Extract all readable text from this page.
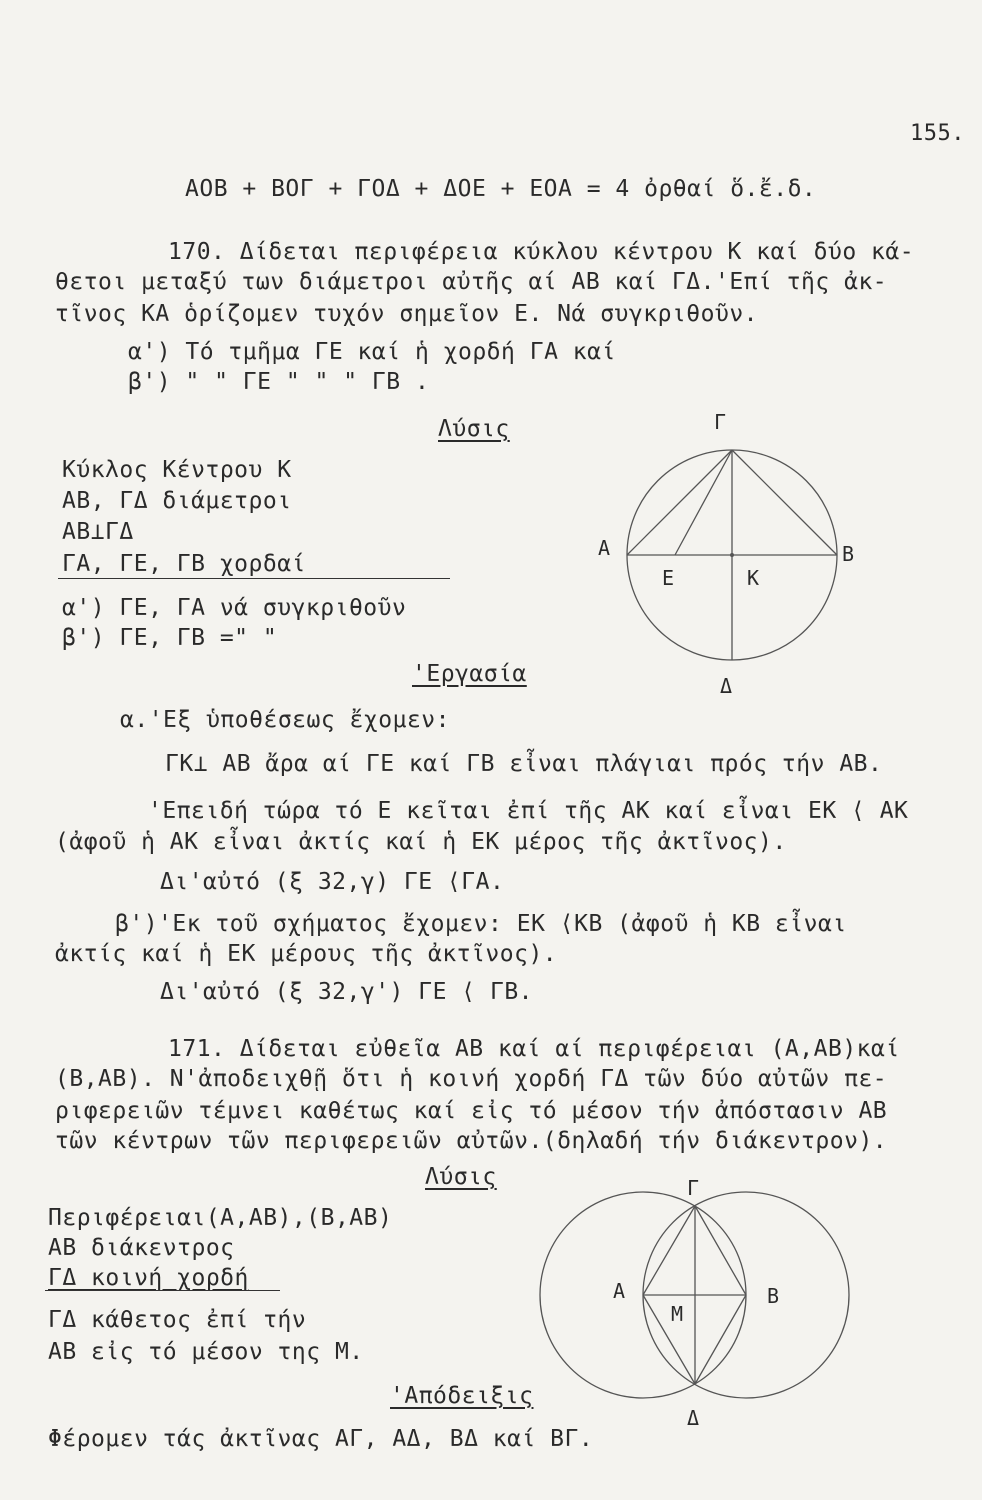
155.
AOB + BOΓ + ΓΟΔ + ΔΟΕ + ΕΟΑ = 4 ὀρθαί ὅ.ἔ.δ.
170. Δίδεται περιφέρεια κύκλου κέντρου Κ καί δύο κά-
θετοι μεταξύ των διάμετροι αὐτῆς αί ΑΒ καί ΓΔ.'Επί τῆς ἀκ-
τῖνος ΚΑ ὁρίζομεν τυχόν σημεῖον Ε. Νά συγκριθοῦν.
α') Τό τμῆμα ΓΕ καί ἡ χορδή ΓΑ καί
β') " " ΓΕ " " " ΓΒ .
Λύσις
Κύκλος Κέντρου Κ
ΑΒ, ΓΔ διάμετροι
ΑΒ⊥ΓΔ
ΓΑ, ΓΕ, ΓΒ χορδαί
α') ΓΕ, ΓΑ νά συγκριθοῦν
β') ΓΕ, ΓΒ =" "
'Εργασία
α.'Εξ ὑποθέσεως ἔχομεν:
ΓΚ⊥ ΑΒ ἄρα αί ΓΕ καί ΓΒ εἶναι πλάγιαι πρός τήν ΑΒ.
'Επειδή τώρα τό Ε κεῖται ἐπί τῆς ΑΚ καί εἶναι ΕΚ ⟨ ΑΚ
(ἀφοῦ ἡ ΑΚ εἶναι ἀκτίς καί ἡ ΕΚ μέρος τῆς ἀκτῖνος).
Δι'αὐτό (ξ 32,γ) ΓΕ ⟨ΓΑ.
β')'Εκ τοῦ σχήματος ἔχομεν: ΕΚ ⟨ΚΒ (ἀφοῦ ἡ ΚΒ εἶναι
ἀκτίς καί ἡ ΕΚ μέρους τῆς ἀκτῖνος).
Δι'αὐτό (ξ 32,γ') ΓΕ ⟨ ΓΒ.
Γ
Α	Β
Δ
Ε	Κ
171. Δίδεται εὐθεῖα ΑΒ καί αί περιφέρειαι (Α,ΑΒ)καί
(Β,ΑΒ). Ν'ἀποδειχθῇ ὅτι ἡ κοινή χορδή ΓΔ τῶν δύο αὐτῶν πε-
ριφερειῶν τέμνει καθέτως καί εἰς τό μέσον τήν ἀπόστασιν ΑΒ
τῶν κέντρων τῶν περιφερειῶν αὐτῶν.(δηλαδή τήν διάκεντρον).
Λύσις
Περιφέρειαι(Α,ΑΒ),(Β,ΑΒ)
ΑΒ διάκεντρος
ΓΔ κοινή χορδή
ΓΔ κάθετος ἐπί τήν
ΑΒ εἰς τό μέσον της Μ.
'Απόδειξις
Φέρομεν τάς ἀκτῖνας ΑΓ, ΑΔ, ΒΔ καί ΒΓ.
Γ
Α	Β
Μ
Δ
